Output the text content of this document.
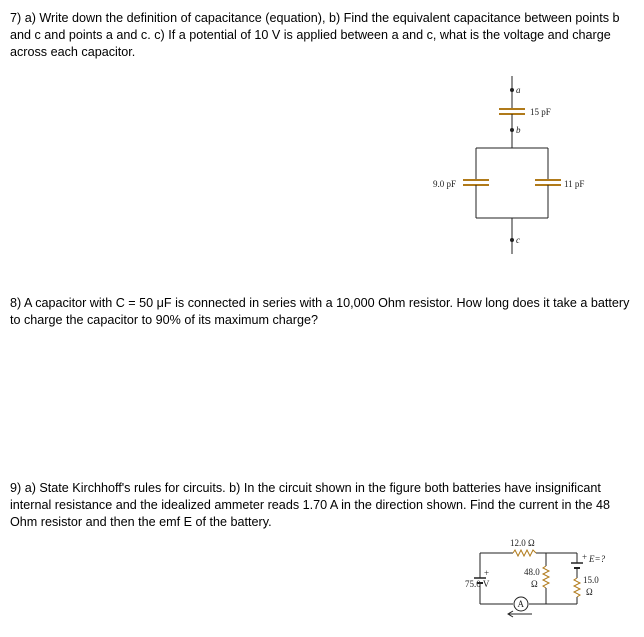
7) a) Write down the definition of capacitance (equation), b) Find the equivalent capacitance between points b and c and points a and c. c) If a potential of 10 V is applied between a and c, what is the voltage and charge across each capacitor.

a
b
c
15 pF
9.0 pF	11 pF

8) A capacitor with C = 50 μF is connected in series with a 10,000 Ohm resistor. How long does it take a battery to charge the capacitor to 90% of its maximum charge?

9) a) State Kirchhoff's rules for circuits. b) In the circuit shown in the figure both batteries have insignificant internal resistance and the idealized ammeter reads 1.70 A in the direction shown. Find the current in the 48 Ohm resistor and then the emf E of the battery.

A
12.0 Ω
48.0
Ω	15.0
Ω
75.0 V
+
+ E=?
